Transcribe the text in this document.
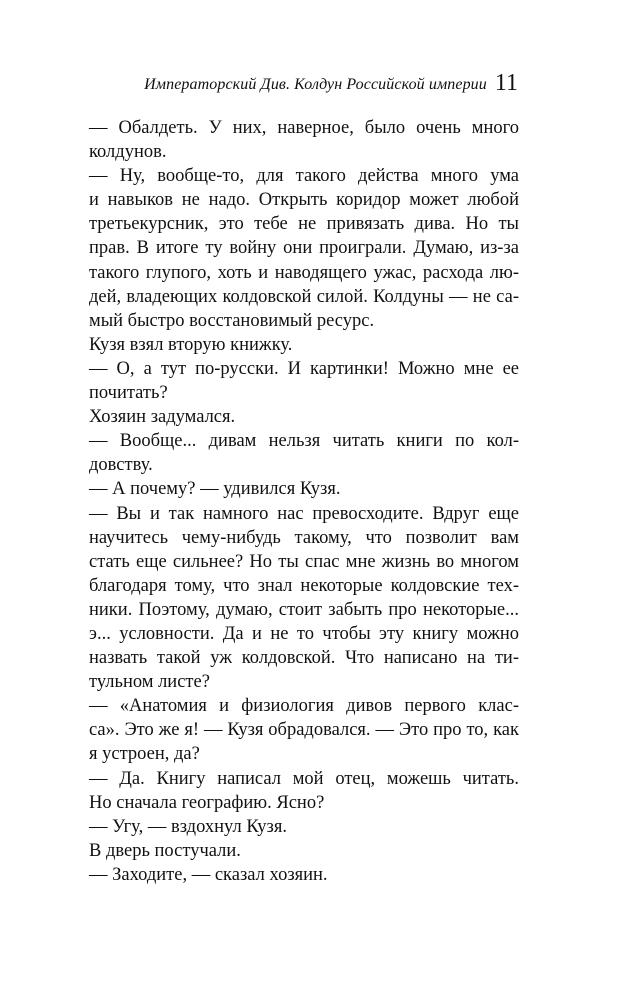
Императорский Див. Колдун Российской империи 11
— Обалдеть. У них, наверное, было очень много
колдунов.
— Ну, вообще-то, для такого действа много ума
и навыков не надо. Открыть коридор может любой
третьекурсник, это тебе не привязать дива. Но ты
прав. В итоге ту войну они проиграли. Думаю, из-за
такого глупого, хоть и наводящего ужас, расхода лю-
дей, владеющих колдовской силой. Колдуны — не са-
мый быстро восстановимый ресурс.
Кузя взял вторую книжку.
— О, а тут по-русски. И картинки! Можно мне ее
почитать?
Хозяин задумался.
— Вообще... дивам нельзя читать книги по кол-
довству.
— А почему? — удивился Кузя.
— Вы и так намного нас превосходите. Вдруг еще
научитесь чему-нибудь такому, что позволит вам
стать еще сильнее? Но ты спас мне жизнь во многом
благодаря тому, что знал некоторые колдовские тех-
ники. Поэтому, думаю, стоит забыть про некоторые...
э... условности. Да и не то чтобы эту книгу можно
назвать такой уж колдовской. Что написано на ти-
тульном листе?
— «Анатомия и физиология дивов первого клас-
са». Это же я! — Кузя обрадовался. — Это про то, как
я устроен, да?
— Да. Книгу написал мой отец, можешь читать.
Но сначала географию. Ясно?
— Угу, — вздохнул Кузя.
В дверь постучали.
— Заходите, — сказал хозяин.
